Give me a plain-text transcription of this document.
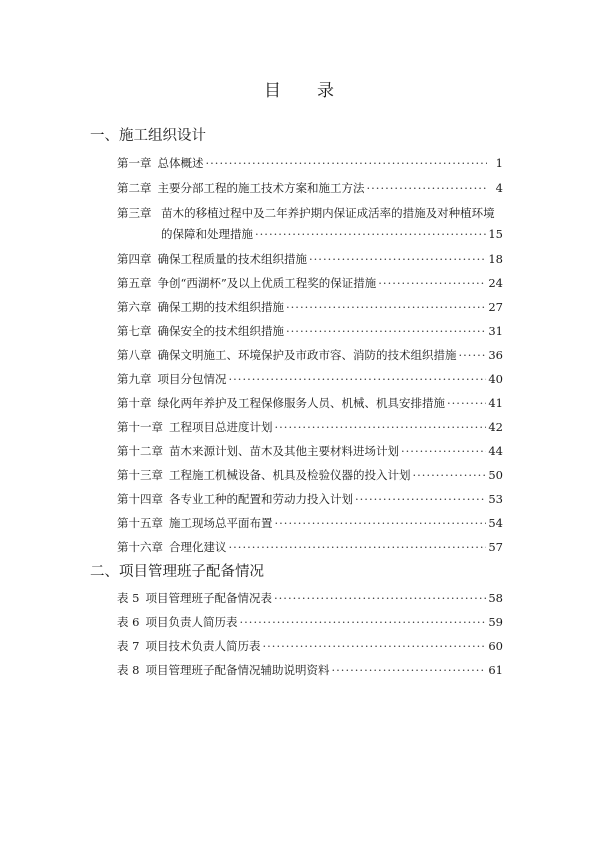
目 录
一、施工组织设计
第一章 总体概述 ·····	1
第二章 主要分部工程的施工技术方案和施工方法 ·····	4
第三章 苗木的移植过程中及二年养护期内保证成活率的措施及对种植环境
的保障和处理措施 ·····	15
第四章 确保工程质量的技术组织措施 ·····	18
第五章 争创“西湖杯”及以上优质工程奖的保证措施 ·····	24
第六章 确保工期的技术组织措施 ·····	27
第七章 确保安全的技术组织措施 ·····	31
第八章 确保文明施工、环境保护及市政市容、消防的技术组织措施 ·····	36
第九章 项目分包情况 ·····	40
第十章 绿化两年养护及工程保修服务人员、机械、机具安排措施 ·····	41
第十一章 工程项目总进度计划 ·····	42
第十二章 苗木来源计划、苗木及其他主要材料进场计划 ·····	44
第十三章 工程施工机械设备、机具及检验仪器的投入计划 ·····	50
第十四章 各专业工种的配置和劳动力投入计划 ·····	53
第十五章 施工现场总平面布置 ·····	54
第十六章 合理化建议 ·····	57
二、项目管理班子配备情况
表 5 项目管理班子配备情况表 ·····	58
表 6 项目负责人简历表 ·····	59
表 7 项目技术负责人简历表 ·····	60
表 8 项目管理班子配备情况辅助说明资料 ·····	61
